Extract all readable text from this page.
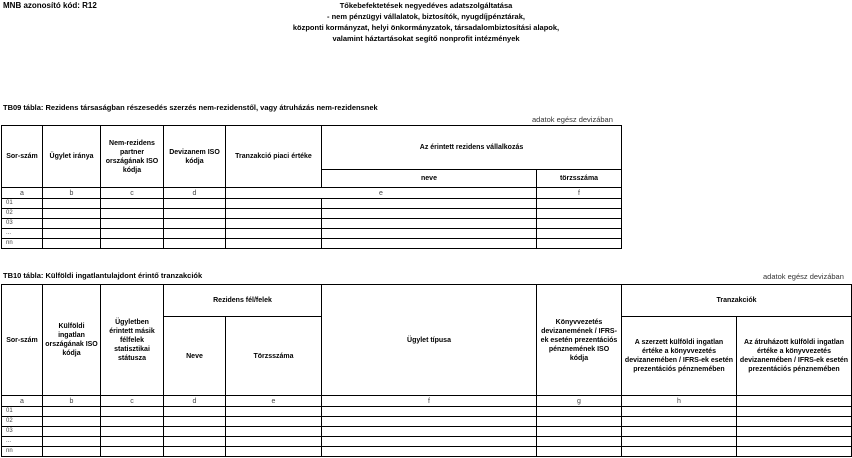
MNB azonosító kód: R12	Tőkebefektetések negyedéves adatszolgáltatása
- nem pénzügyi vállalatok, biztosítók, nyugdíjpénztárak,
központi kormányzat, helyi önkormányzatok, társadalombiztosítási alapok,
valamint háztartásokat segítő nonprofit intézmények
TB09 tábla: Rezidens társaságban részesedés szerzés nem-rezidenstől, vagy átruházás nem-rezidensnek
adatok egész devizában
Sor-szám	Ügylet iránya	Nem-rezidens partner országának ISO kódja	Devizanem ISO kódja	Tranzakció piaci értéke	Az érintett rezidens vállalkozás	
					neve	törzsszáma
a	b	c	d	e		f
01						
02						
03						
...						
nn						
TB10 tábla: Külföldi ingatlantulajdont érintő tranzakciók	adatok egész devizában
Sor-szám	Külföldi ingatlan országának ISO kódja	Ügyletben érintett másik félfelek statisztikai státusza	Rezidens fél/felek		Ügylet típusa	Könyvvezetés devizanemének / IFRS-ek esetén prezentációs pénznemének ISO kódja	Tranzakciók	
			Neve	Törzsszáma			A szerzett külföldi ingatlan értéke a könyvvezetés devizanemében / IFRS-ek esetén prezentációs pénznemében	Az átruházott külföldi ingatlan értéke a könyvvezetés devizanemében / IFRS-ek esetén prezentációs pénznemében
a	b	c	d	e	f	g	h	
01								
02								
03								
...								
nn								
